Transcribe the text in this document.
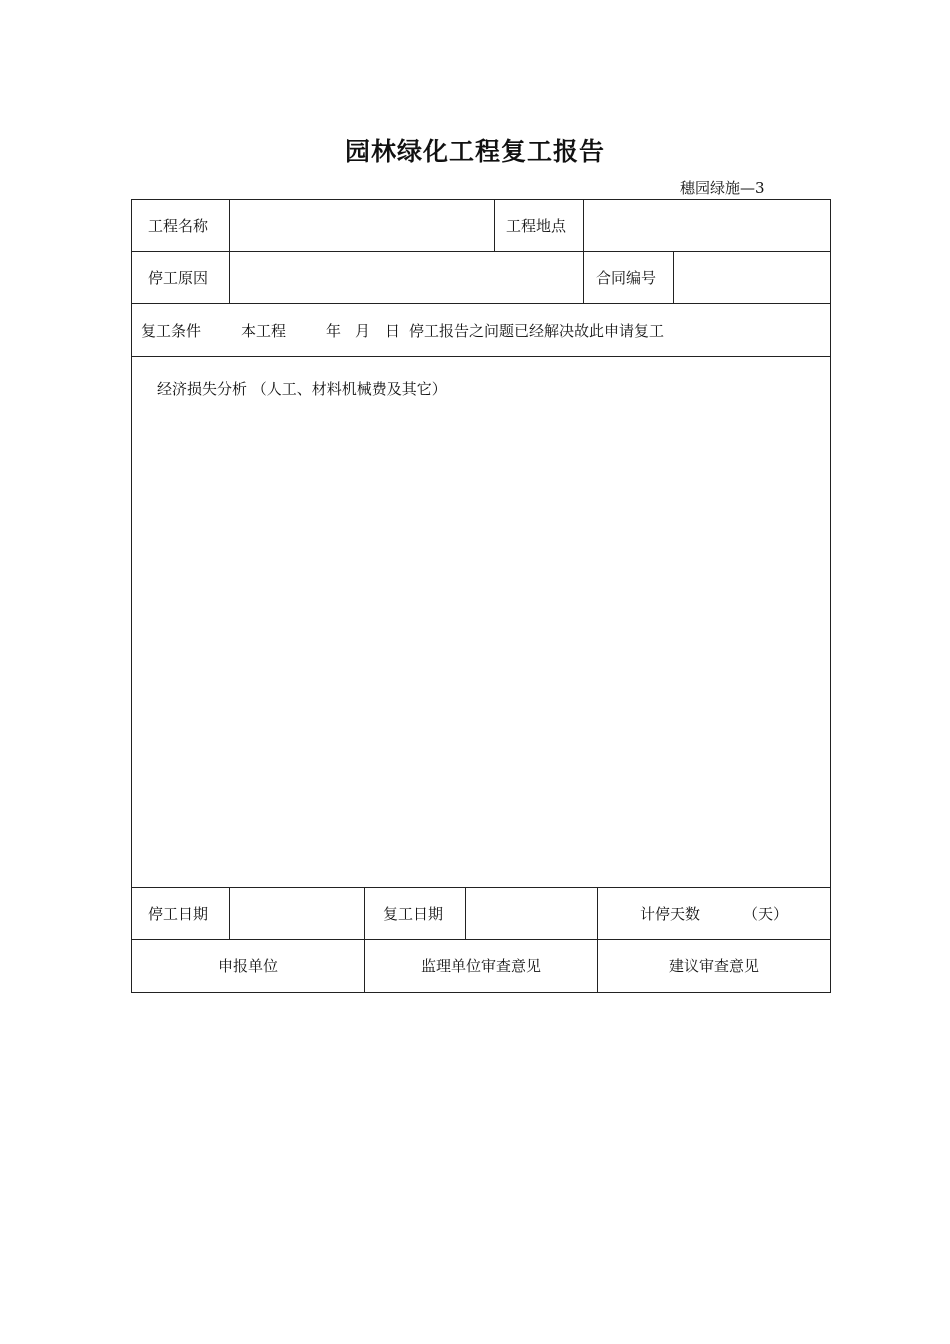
园林绿化工程复工报告
穗园绿施—3
工程名称	工程地点
停工原因	合同编号
复工条件	本工程	年 月 日 停工报告之问题已经解决故此申请复工
经济损失分析 （人工、材料机械费及其它）
停工日期	复工日期	计停天数	（天）
申报单位	监理单位审查意见	建议审查意见
